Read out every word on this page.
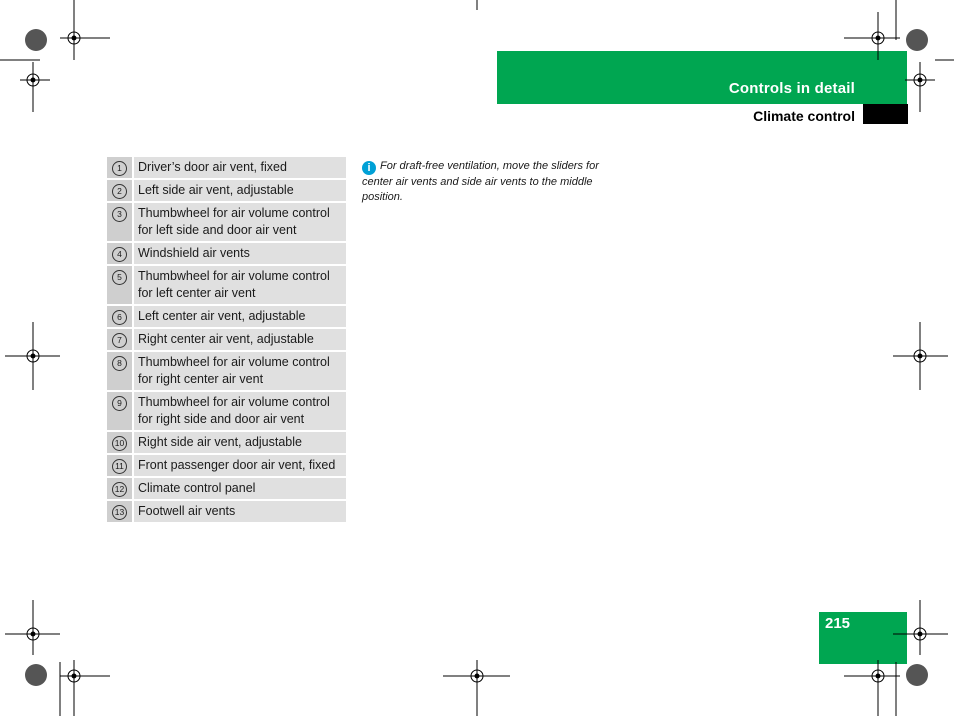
Controls in detail
Climate control
1	Driver’s door air vent, fixed
2	Left side air vent, adjustable
3	Thumbwheel for air volume control for left side and door air vent
4	Windshield air vents
5	Thumbwheel for air volume control for left center air vent
6	Left center air vent, adjustable
7	Right center air vent, adjustable
8	Thumbwheel for air volume control for right center air vent
9	Thumbwheel for air volume control for right side and door air vent
10	Right side air vent, adjustable
11	Front passenger door air vent, fixed
12	Climate control panel
13	Footwell air vents
i For draft-free ventilation, move the sliders for center air vents and side air vents to the middle position.
215
